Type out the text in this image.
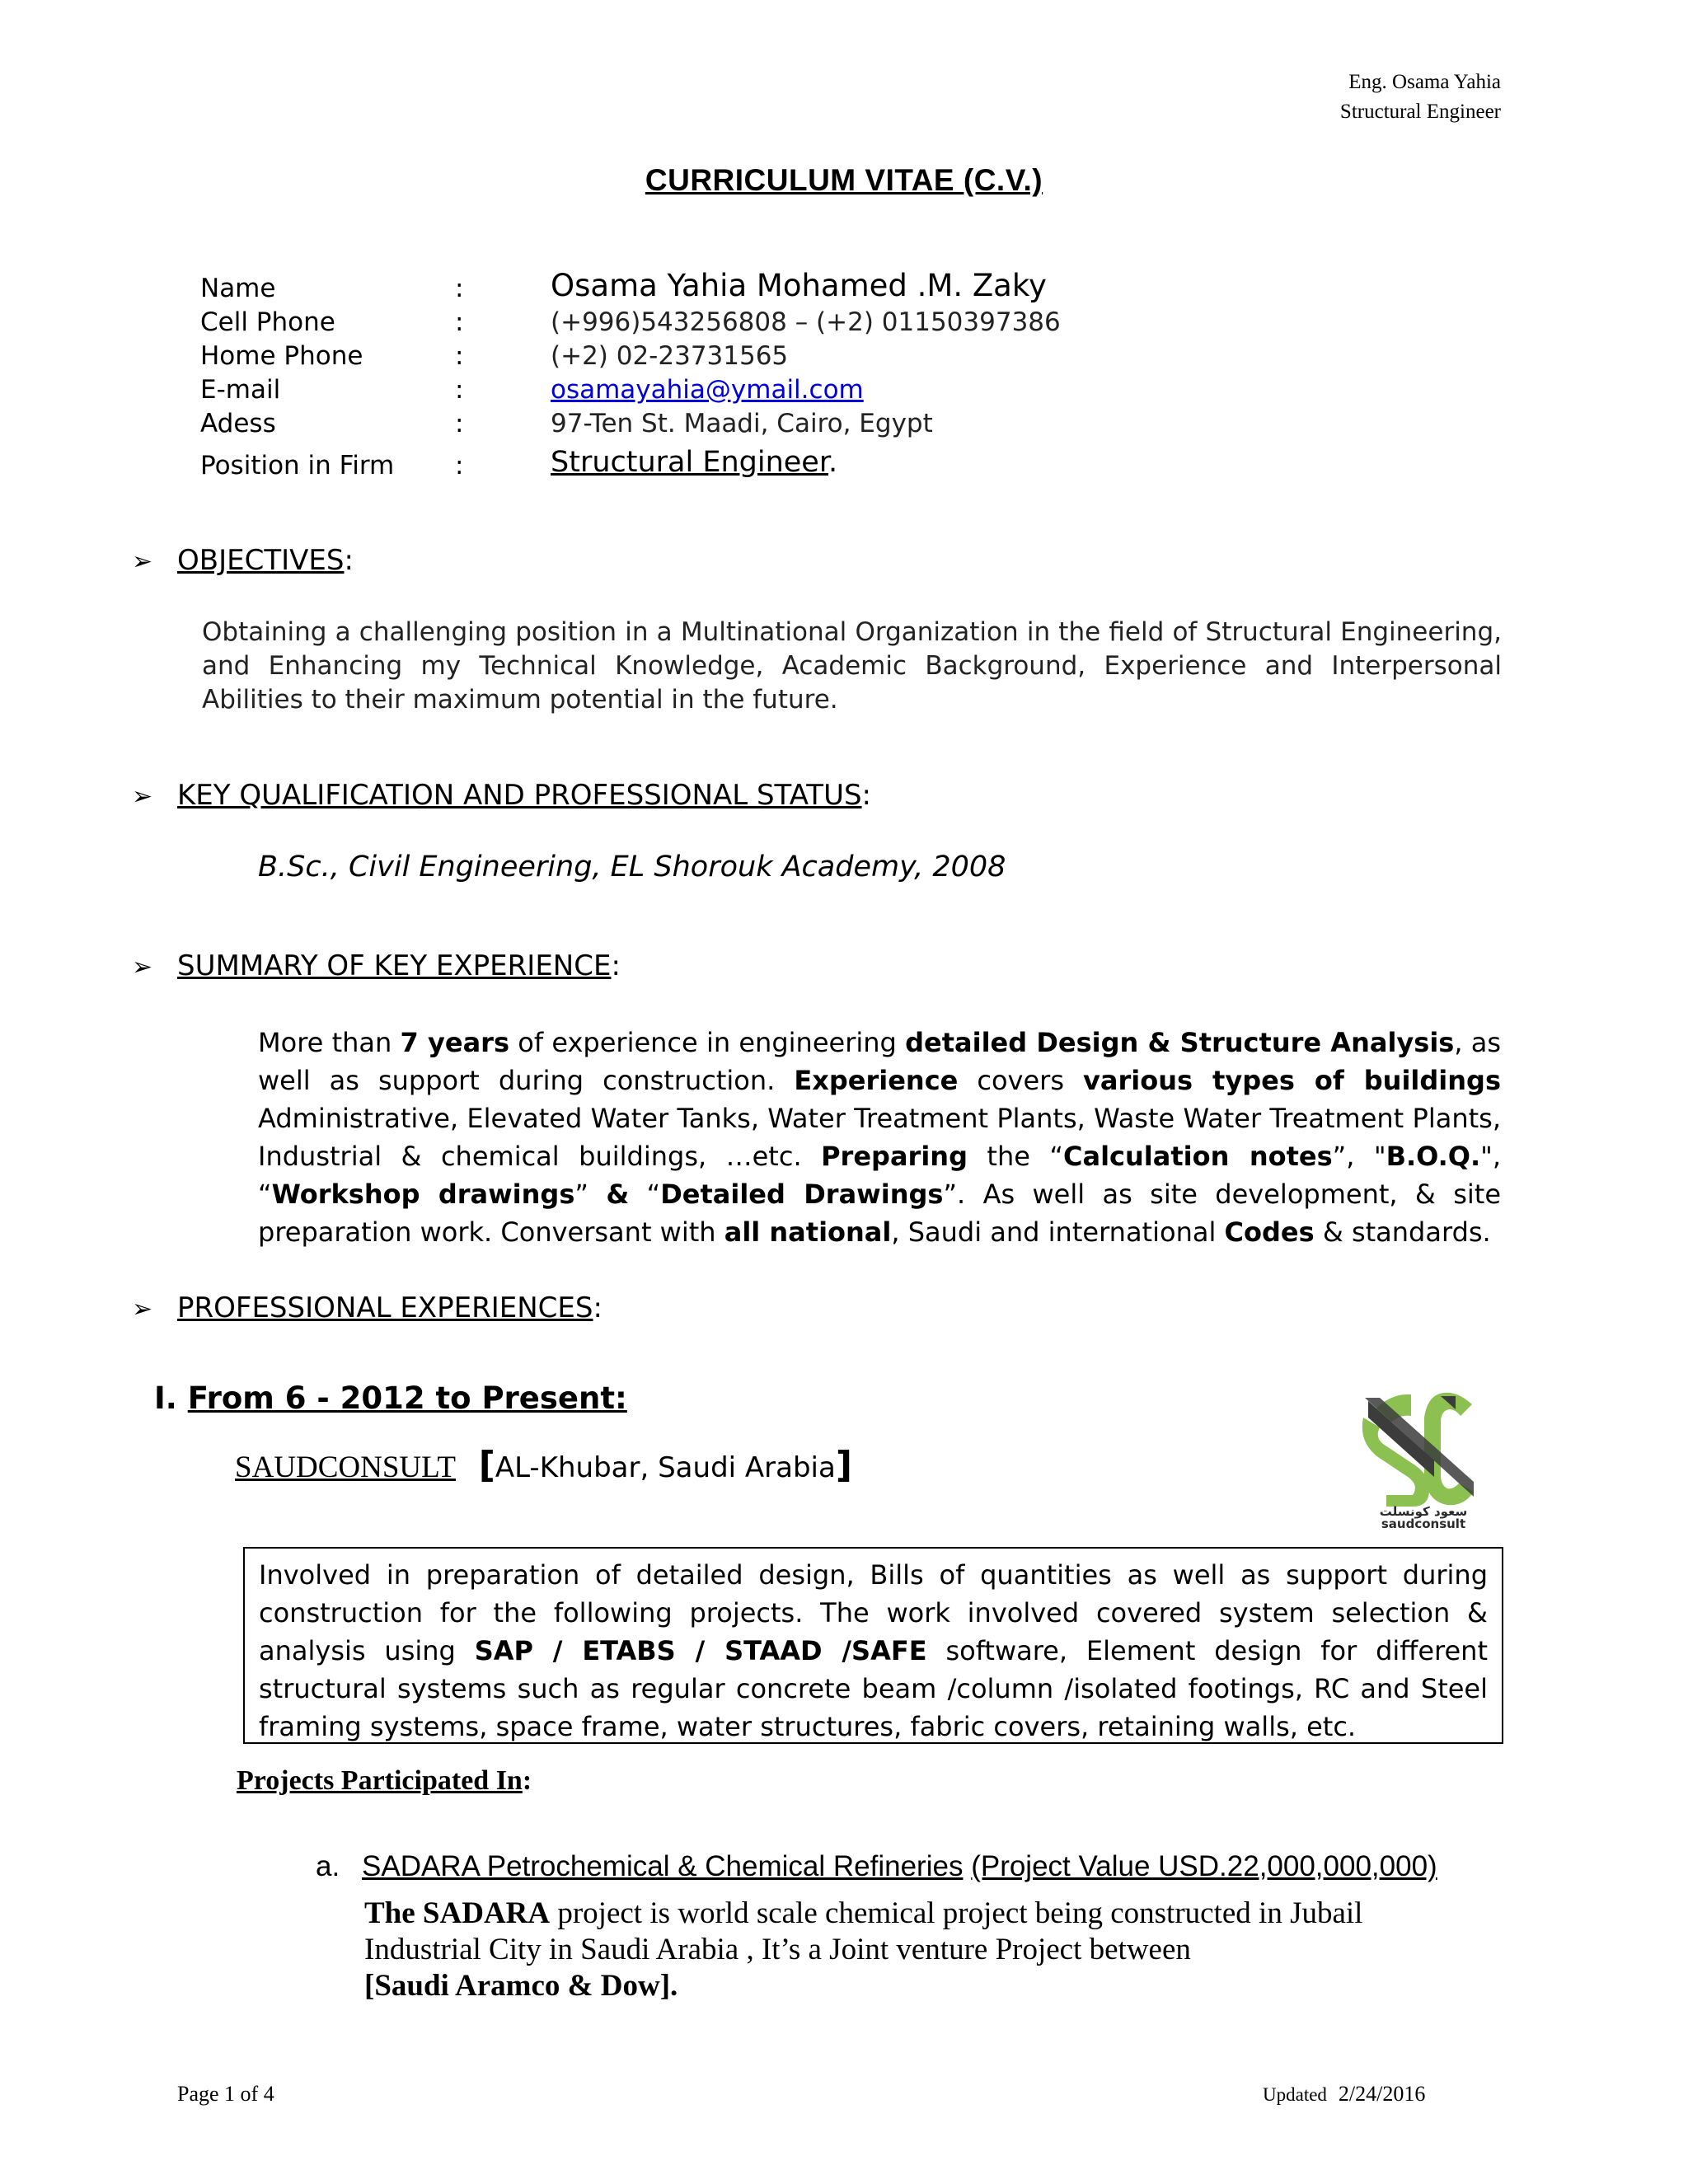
Eng. Osama Yahia
Structural Engineer
CURRICULUM VITAE (C.V.)
Name	:	Osama Yahia Mohamed .M. Zaky
Cell Phone	:	(+996)543256808 – (+2) 01150397386
Home Phone	:	(+2) 02-23731565
E-mail	:	osamayahia@ymail.com
Adess	:	97-Ten St. Maadi, Cairo, Egypt
Position in Firm :	Structural Engineer.
➢ OBJECTIVES:
Obtaining a challenging position in a Multinational Organization in the field of Structural Engineering, and Enhancing my Technical Knowledge, Academic Background, Experience and Interpersonal Abilities to their maximum potential in the future.
➢ KEY QUALIFICATION AND PROFESSIONAL STATUS:
B.Sc., Civil Engineering, EL Shorouk Academy, 2008
➢ SUMMARY OF KEY EXPERIENCE:
More than 7 years of experience in engineering detailed Design & Structure Analysis, as well as support during construction. Experience covers various types of buildings Administrative, Elevated Water Tanks, Water Treatment Plants, Waste Water Treatment Plants, Industrial & chemical buildings, …etc. Preparing the “Calculation notes”, "B.O.Q.", “Workshop drawings” & “Detailed Drawings”. As well as site development, & site preparation work. Conversant with all national, Saudi and international Codes & standards.
➢ PROFESSIONAL EXPERIENCES:
I. From 6 - 2012 to Present:
SAUDCONSULT [AL-Khubar, Saudi Arabia]
سعود كونسلت
saudconsult
Involved in preparation of detailed design, Bills of quantities as well as support during construction for the following projects. The work involved covered system selection & analysis using SAP / ETABS / STAAD /SAFE software, Element design for different structural systems such as regular concrete beam /column /isolated footings, RC and Steel framing systems, space frame, water structures, fabric covers, retaining walls, etc.
Projects Participated In:
a. SADARA Petrochemical & Chemical Refineries (Project Value USD.22,000,000,000)
The SADARA project is world scale chemical project being constructed in Jubail Industrial City in Saudi Arabia , It’s a Joint venture Project between
[Saudi Aramco & Dow].
Page 1 of 4	Updated 2/24/2016
